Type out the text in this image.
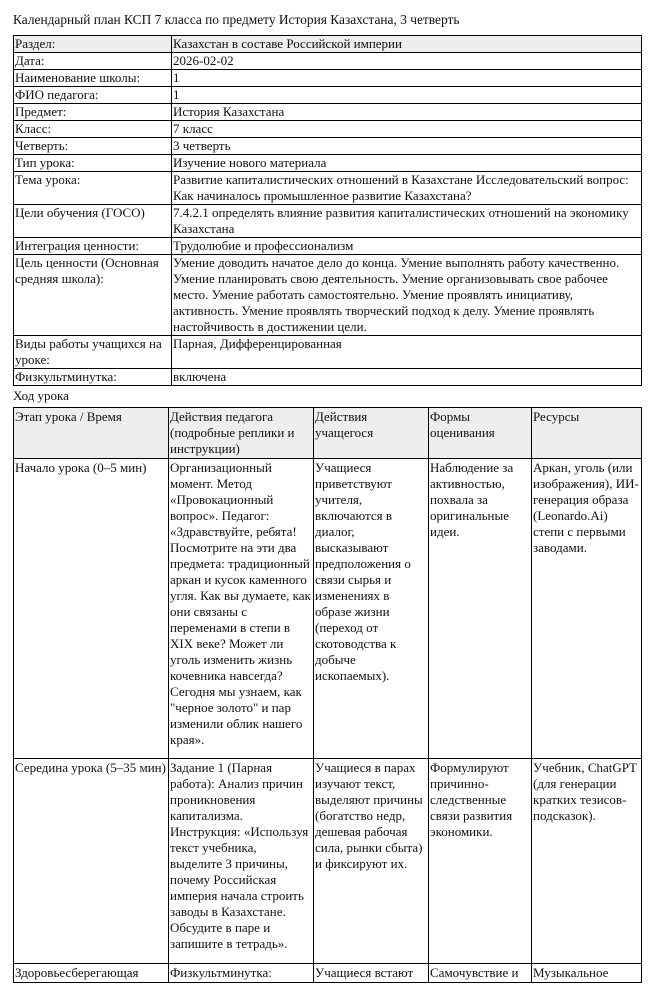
Календарный план КСП 7 класса по предмету История Казахстана, 3 четверть
Раздел:	Казахстан в составе Российской империи
Дата:	2026-02-02
Наименование школы:	1
ФИО педагога:	1
Предмет:	История Казахстана
Класс:	7 класс
Четверть:	3 четверть
Тип урока:	Изучение нового материала
Тема урока:	Развитие капиталистических отношений в Казахстане Исследовательский вопрос: Как начиналось промышленное развитие Казахстана?
Цели обучения (ГОСО)	7.4.2.1 определять влияние развития капиталистических отношений на экономику Казахстана
Интеграция ценности:	Трудолюбие и профессионализм
Цель ценности (Основная средняя школа):	Умение доводить начатое дело до конца. Умение выполнять работу качественно. Умение планировать свою деятельность. Умение организовывать свое рабочее место. Умение работать самостоятельно. Умение проявлять инициативу, активность. Умение проявлять творческий подход к делу. Умение проявлять настойчивость в достижении цели.
Виды работы учащихся на уроке:	Парная, Дифференцированная
Физкультминутка:	включена
Ход урока
Этап урока / Время	Действия педагога (подробные реплики и инструкции)	Действия учащегося	Формы оценивания	Ресурсы
Начало урока (0–5 мин)	Организационный момент. Метод «Провокационный вопрос». Педагог: «Здравствуйте, ребята! Посмотрите на эти два предмета: традиционный аркан и кусок каменного угля. Как вы думаете, как они связаны с переменами в степи в XIX веке? Может ли уголь изменить жизнь кочевника навсегда? Сегодня мы узнаем, как "черное золото" и пар изменили облик нашего края».	Учащиеся приветствуют учителя, включаются в диалог, высказывают предположения о связи сырья и изменениях в образе жизни (переход от скотоводства к добыче ископаемых).	Наблюдение за активностью, похвала за оригинальные идеи.	Аркан, уголь (или изображения), ИИ-генерация образа (Leonardo.Ai) степи с первыми заводами.
Середина урока (5–35 мин)	Задание 1 (Парная работа): Анализ причин проникновения капитализма. Инструкция: «Используя текст учебника, выделите 3 причины, почему Российская империя начала строить заводы в Казахстане. Обсудите в паре и запишите в тетрадь».	Учащиеся в парах изучают текст, выделяют причины (богатство недр, дешевая рабочая сила, рынки сбыта) и фиксируют их.	Формулируют причинно-следственные связи развития экономики.	Учебник, ChatGPT (для генерации кратких тезисов-подсказок).
Здоровьесберегающая	Физкультминутка:	Учащиеся встают	Самочувствие и	Музыкальное
